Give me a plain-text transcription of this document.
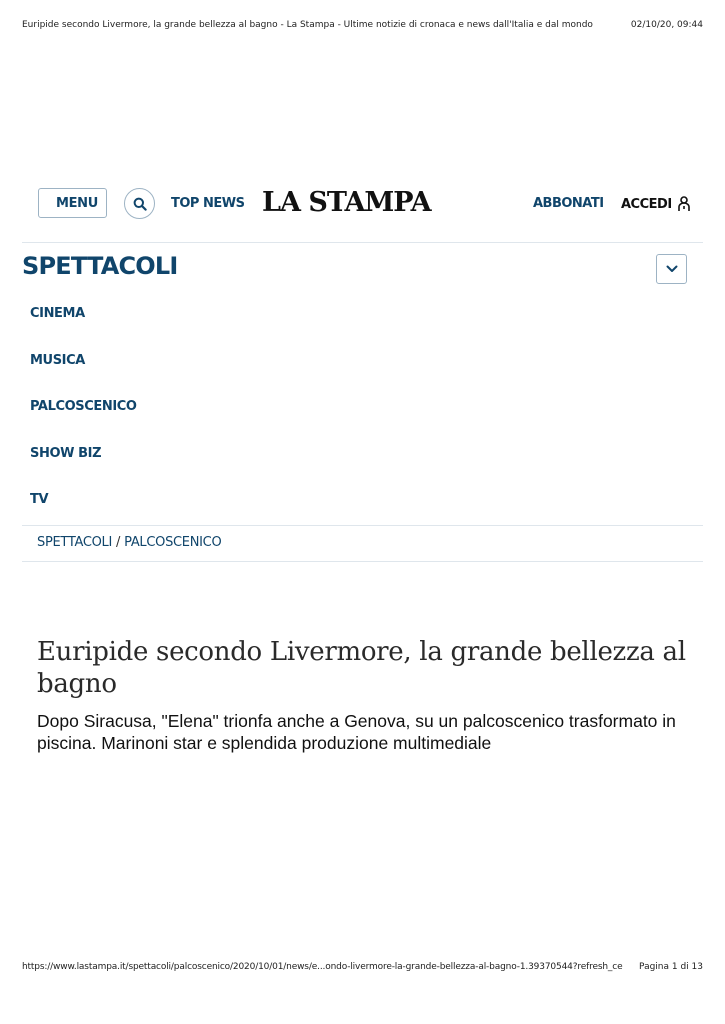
Euripide secondo Livermore, la grande bellezza al bagno - La Stampa - Ultime notizie di cronaca e news dall'Italia e dal mondo	02/10/20, 09:44
MENU	TOP NEWS LA STAMPA	ABBONATI ACCEDI
SPETTACOLI
CINEMA
MUSICA
PALCOSCENICO
SHOW BIZ
TV
SPETTACOLI / PALCOSCENICO
Euripide secondo Livermore, la grande bellezza al bagno

Dopo Siracusa, "Elena" trionfa anche a Genova, su un palcoscenico trasformato in piscina. Marinoni star e splendida produzione multimediale

https://www.lastampa.it/spettacoli/palcoscenico/2020/10/01/news/e...ondo-livermore-la-grande-bellezza-al-bagno-1.39370544?refresh_ce Pagina 1 di 13
